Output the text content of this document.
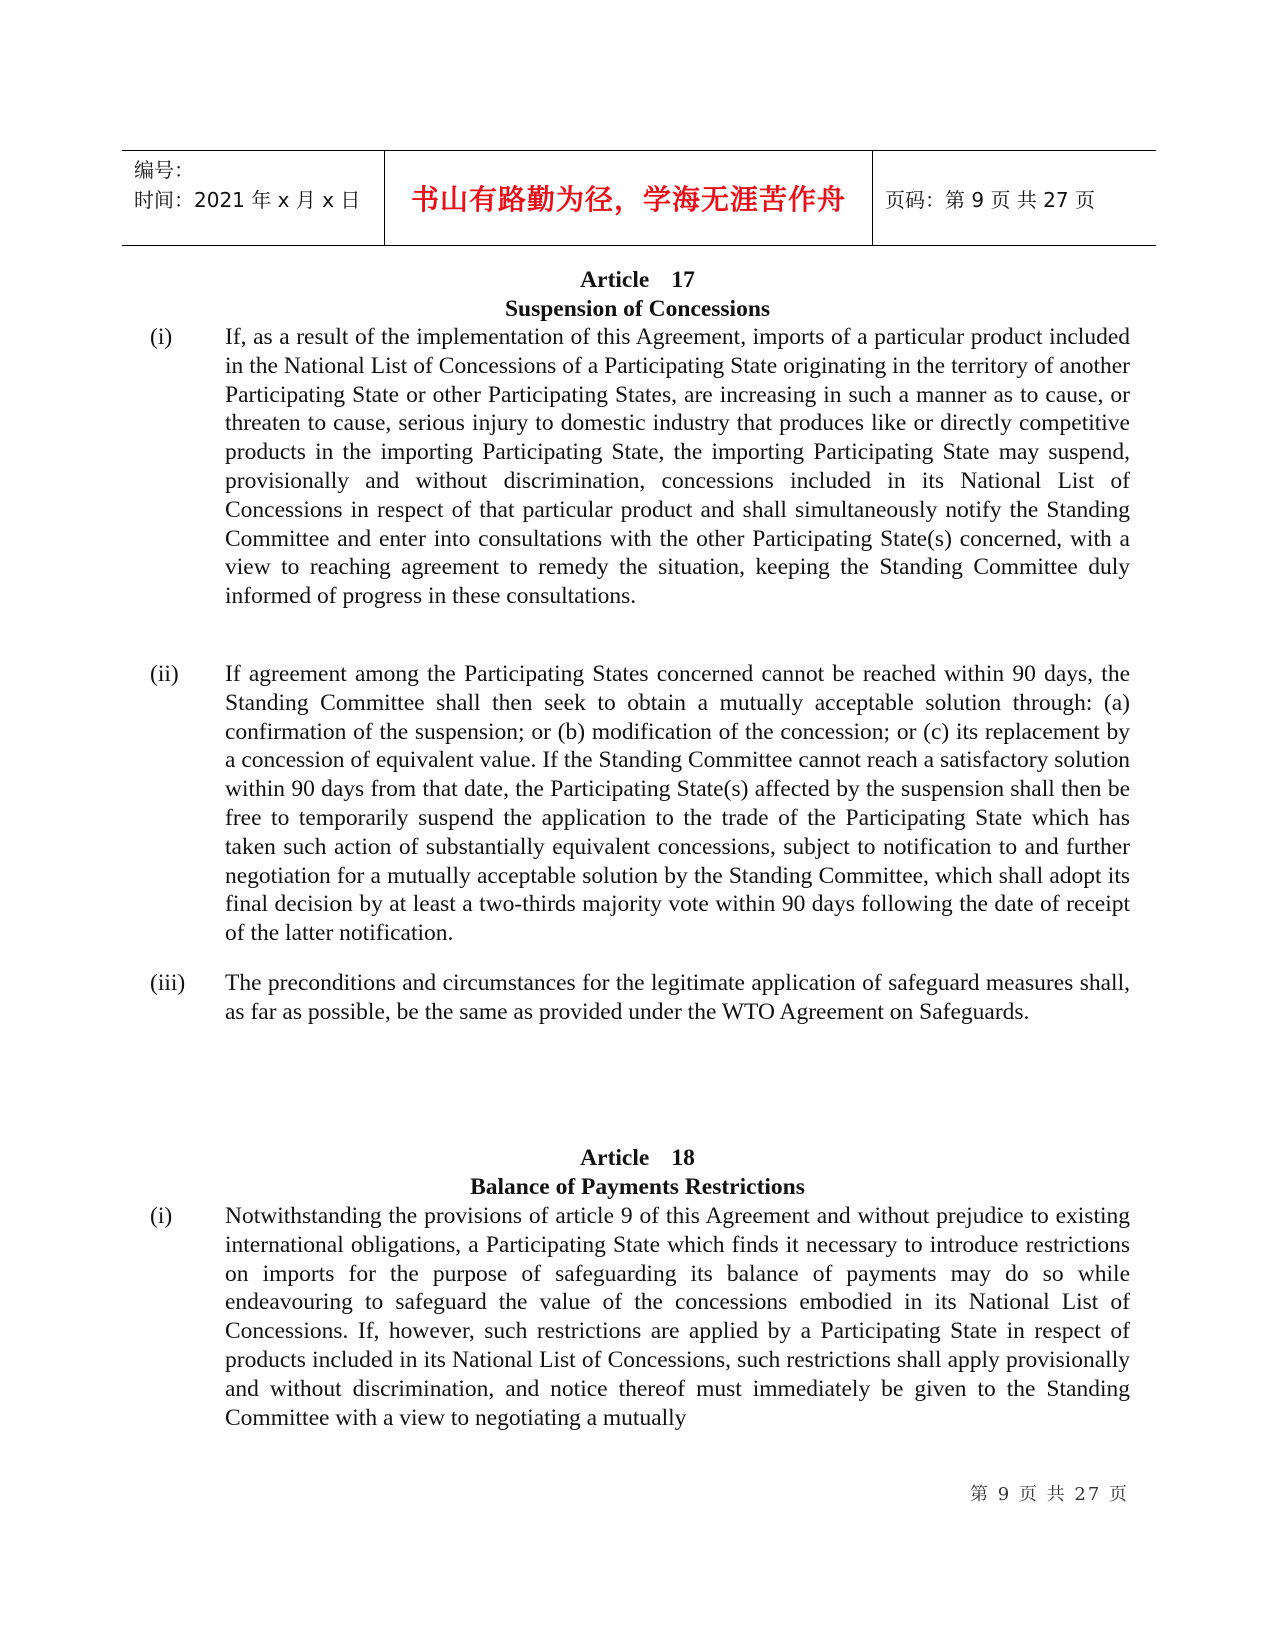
编号：
时间：2021 年 x 月 x 日	书山有路勤为径，学海无涯苦作舟 页码：第 9 页 共 27 页
Article 17
Suspension of Concessions
(i) If, as a result of the implementation of this Agreement, imports of a particular product included in the National List of Concessions of a Participating State originating in the territory of another Participating State or other Participating States, are increasing in such a manner as to cause, or threaten to cause, serious injury to domestic industry that produces like or directly competitive products in the importing Participating State, the importing Participating State may suspend, provisionally and without discrimination, concessions included in its National List of Concessions in respect of that particular product and shall simultaneously notify the Standing Committee and enter into consultations with the other Participating State(s) concerned, with a view to reaching agreement to remedy the situation, keeping the Standing Committee duly informed of progress in these consultations.
(ii) If agreement among the Participating States concerned cannot be reached within 90 days, the Standing Committee shall then seek to obtain a mutually acceptable solution through: (a) confirmation of the suspension; or (b) modification of the concession; or (c) its replacement by a concession of equivalent value. If the Standing Committee cannot reach a satisfactory solution within 90 days from that date, the Participating State(s) affected by the suspension shall then be free to temporarily suspend the application to the trade of the Participating State which has taken such action of substantially equivalent concessions, subject to notification to and further negotiation for a mutually acceptable solution by the Standing Committee, which shall adopt its final decision by at least a two-thirds majority vote within 90 days following the date of receipt of the latter notification.
(iii) The preconditions and circumstances for the legitimate application of safeguard measures shall, as far as possible, be the same as provided under the WTO Agreement on Safeguards.
Article 18
Balance of Payments Restrictions
(i) Notwithstanding the provisions of article 9 of this Agreement and without prejudice to existing international obligations, a Participating State which finds it necessary to introduce restrictions on imports for the purpose of safeguarding its balance of payments may do so while endeavouring to safeguard the value of the concessions embodied in its National List of Concessions. If, however, such restrictions are applied by a Participating State in respect of products included in its National List of Concessions, such restrictions shall apply provisionally and without discrimination, and notice thereof must immediately be given to the Standing Committee with a view to negotiating a mutually
第 9 页 共 27 页
